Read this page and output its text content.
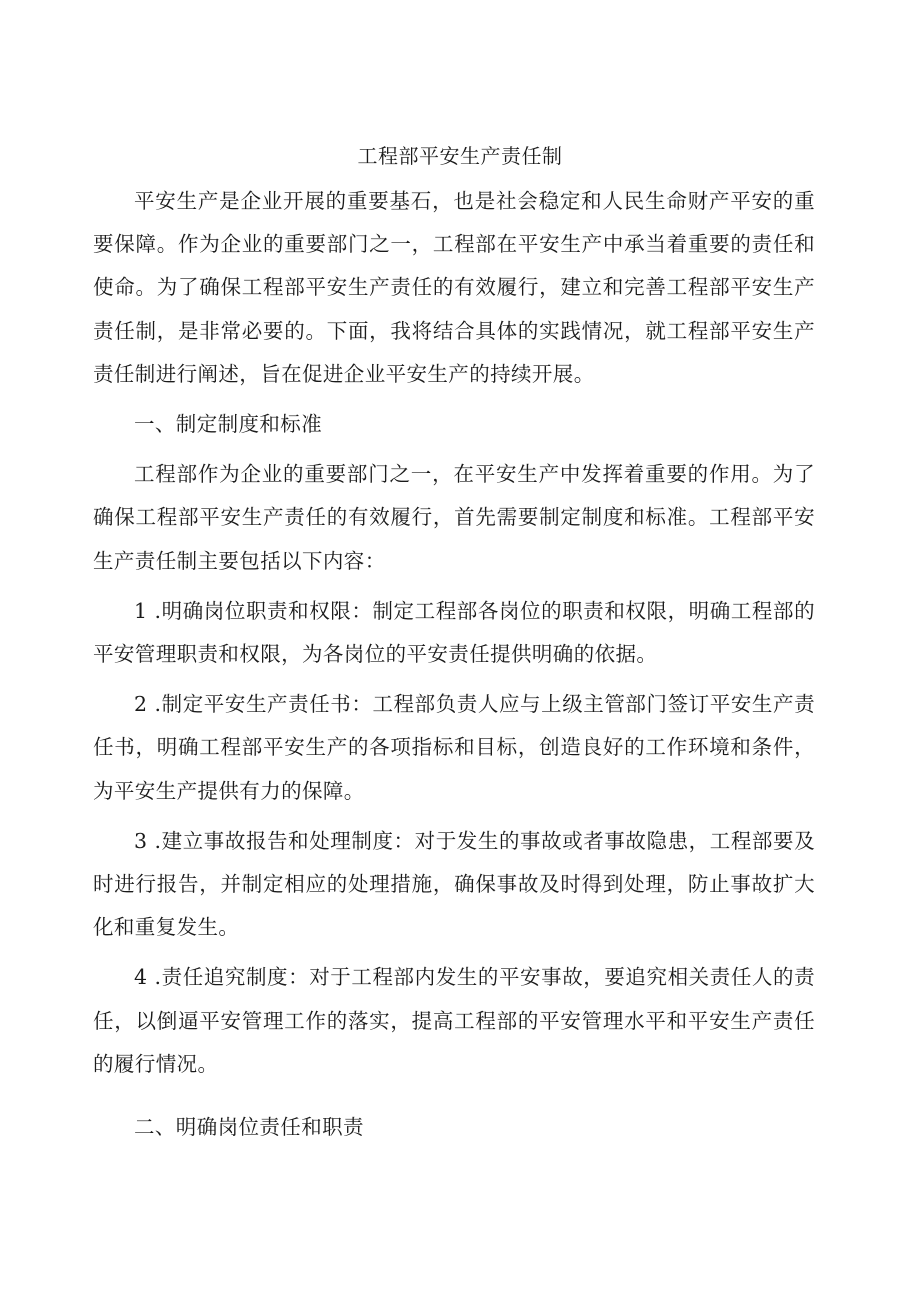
工程部平安生产责任制

平安生产是企业开展的重要基石，也是社会稳定和人民生命财产平安的重要保障。作为企业的重要部门之一，工程部在平安生产中承当着重要的责任和使命。为了确保工程部平安生产责任的有效履行，建立和完善工程部平安生产责任制，是非常必要的。下面，我将结合具体的实践情况，就工程部平安生产责任制进行阐述，旨在促进企业平安生产的持续开展。

一、制定制度和标准

工程部作为企业的重要部门之一，在平安生产中发挥着重要的作用。为了确保工程部平安生产责任的有效履行，首先需要制定制度和标准。工程部平安生产责任制主要包括以下内容：

1 .明确岗位职责和权限：制定工程部各岗位的职责和权限，明确工程部的平安管理职责和权限，为各岗位的平安责任提供明确的依据。

2 .制定平安生产责任书：工程部负责人应与上级主管部门签订平安生产责任书，明确工程部平安生产的各项指标和目标，创造良好的工作环境和条件，为平安生产提供有力的保障。

3 .建立事故报告和处理制度：对于发生的事故或者事故隐患，工程部要及时进行报告，并制定相应的处理措施，确保事故及时得到处理，防止事故扩大化和重复发生。

4 .责任追究制度：对于工程部内发生的平安事故，要追究相关责任人的责任，以倒逼平安管理工作的落实，提高工程部的平安管理水平和平安生产责任的履行情况。

二、明确岗位责任和职责
